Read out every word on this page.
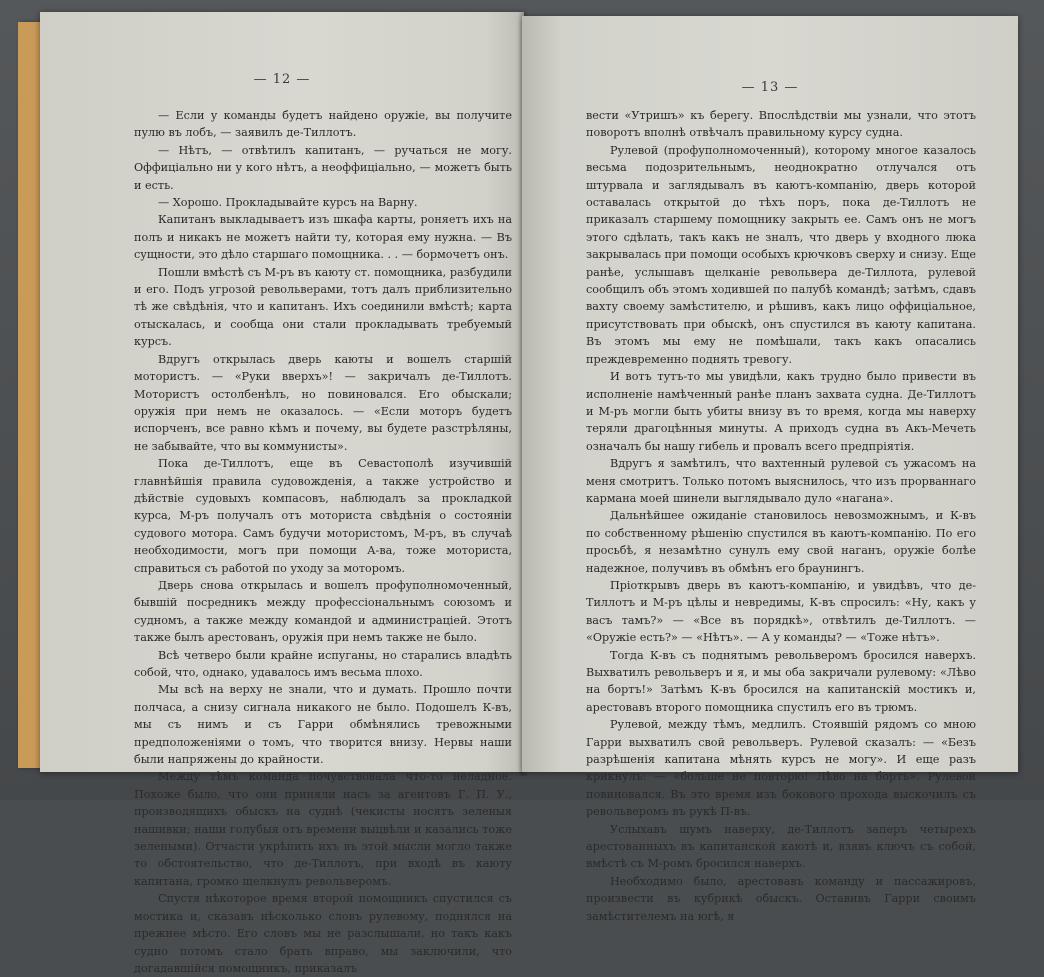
— 12 —

— Если у команды будетъ найдено оружіе, вы получите пулю въ лобъ, — заявилъ де-Тиллотъ.

— Нѣтъ, — отвѣтилъ капитанъ, — ручаться не могу. Оффиціально ни у кого нѣтъ, а неоффиціально, — можетъ быть и есть.

— Хорошо. Прокладывайте курсъ на Варну.

Капитанъ выкладываетъ изъ шкафа карты, роняетъ ихъ на полъ и никакъ не можетъ найти ту, которая ему нужна. — Въ сущности, это дѣло старшаго помощника. . . — бормочетъ онъ.

Пошли вмѣстѣ съ М-ръ въ каюту ст. помощника, разбудили и его. Подъ угрозой револьверами, тотъ далъ приблизительно тѣ же свѣдѣнія, что и капитанъ. Ихъ соединили вмѣстѣ; карта отыскалась, и сообща они стали прокладывать требуемый курсъ.

Вдругъ открылась дверь каюты и вошелъ старшій мотористъ. — «Руки вверхъ»! — закричалъ де-Тиллотъ. Мотористъ остолбенѣлъ, но повиновался. Его обыскали; оружія при немъ не оказалось. — «Если моторъ будетъ испорченъ, все равно кѣмъ и почему, вы будете разстрѣляны, не забывайте, что вы коммунисты».

Пока де-Тиллотъ, еще въ Севастополѣ изучившій главнѣйшія правила судовожденія, а также устройство и дѣйствіе судовыхъ компасовъ, наблюдалъ за прокладкой курса, М-ръ получалъ отъ моториста свѣдѣнія о состояніи судового мотора. Самъ будучи мотористомъ, М-ръ, въ случаѣ необходимости, могъ при помощи А-ва, тоже моториста, справиться съ работой по уходу за моторомъ.

Дверь снова открылась и вошелъ профуполномоченный, бывшій посредникъ между профессіональнымъ союзомъ и судномъ, а также между командой и администраціей. Этотъ также былъ арестованъ, оружія при немъ также не было.

Всѣ четверо были крайне испуганы, но старались владѣть собой, что, однако, удавалось имъ весьма плохо.

Мы всѣ на верху не знали, что и думать. Прошло почти полчаса, а снизу сигнала никакого не было. Подошелъ К-въ, мы съ нимъ и съ Гарри обмѣнялись тревожными предположеніями о томъ, что творится внизу. Нервы наши были напряжены до крайности.

Между тѣмъ команда почувствовала что-то неладное. Похоже было, что они приняли насъ за агентовъ Г. П. У., производящихъ обыскъ на суднѣ (чекисты носятъ зеленыя нашивки; наши голубыя отъ времени выцвѣли и казались тоже зелеными). Отчасти укрѣпить ихъ въ этой мысли могло также то обстоятельство, что де-Тиллотъ, при входѣ въ каюту капитана, громко щелкнулъ револьверомъ.

Спустя нѣкоторое время второй помощникъ спустился съ мостика и, сказавъ нѣсколько словъ рулевому, поднялся на прежнее мѣсто. Его словъ мы не разслышали, но такъ какъ судно потомъ стало брать вправо, мы заключили, что догадавшійся помощникъ, приказалъ

— 13 —

вести «Утришъ» къ берегу. Впослѣдствіи мы узнали, что этотъ поворотъ вполнѣ отвѣчалъ правильному курсу судна.

Рулевой (профуполномоченный), которому многое казалось весьма подозрительнымъ, неоднократно отлучался отъ штурвала и заглядывалъ въ каютъ-компанію, дверь которой оставалась открытой до тѣхъ поръ, пока де-Тиллотъ не приказалъ старшему помощнику закрыть ее. Самъ онъ не могъ этого сдѣлать, такъ какъ не зналъ, что дверь у входного люка закрывалась при помощи особыхъ крючковъ сверху и снизу. Еще ранѣе, услышавъ щелканіе револьвера де-Тиллота, рулевой сообщилъ объ этомъ ходившей по палубѣ командѣ; затѣмъ, сдавъ вахту своему замѣстителю, и рѣшивъ, какъ лицо оффиціальное, присутствовать при обыскѣ, онъ спустился въ каюту капитана. Въ этомъ мы ему не помѣшали, такъ какъ опасались преждевременно поднять тревогу.

И вотъ тутъ-то мы увидѣли, какъ трудно было привести въ исполненіе намѣченный ранѣе планъ захвата судна. Де-Тиллотъ и М-ръ могли быть убиты внизу въ то время, когда мы наверху теряли драгоцѣнныя минуты. А приходъ судна въ Акъ-Мечеть означалъ бы нашу гибель и провалъ всего предпріятія.

Вдругъ я замѣтилъ, что вахтенный рулевой съ ужасомъ на меня смотритъ. Только потомъ выяснилось, что изъ прорваннаго кармана моей шинели выглядывало дуло «нагана».

Дальнѣйшее ожиданіе становилось невозможнымъ, и К-въ по собственному рѣшенію спустился въ каютъ-компанію. По его просьбѣ, я незамѣтно сунулъ ему свой наганъ, оружіе болѣе надежное, получивъ въ обмѣнъ его браунингъ.

Пріоткрывъ дверь въ каютъ-компанію, и увидѣвъ, что де-Тиллотъ и М-ръ цѣлы и невредимы, К-въ спросилъ: «Ну, какъ у васъ тамъ?» — «Все въ порядкѣ», отвѣтилъ де-Тиллотъ. — «Оружіе есть?» — «Нѣтъ». — А у команды? — «Тоже нѣтъ».

Тогда К-въ съ поднятымъ револьверомъ бросился наверхъ. Выхватилъ револьверъ и я, и мы оба закричали рулевому: «Лѣво на бортъ!» Затѣмъ К-въ бросился на капитанскій мостикъ и, арестовавъ второго помощника спустилъ его въ трюмъ.

Рулевой, между тѣмъ, медлилъ. Стоявшій рядомъ со мною Гарри выхватилъ свой револьверъ. Рулевой сказалъ: — «Безъ разрѣшенія капитана мѣнять курсъ не могу». И еще разъ крикнулъ: — «больше не повторю! Лѣво на бортъ». Рулевой повиновался. Въ это время изъ бокового прохода выскочилъ съ револьверомъ въ рукѣ П-въ.

Услыхавъ шумъ наверху, де-Тиллотъ заперъ четырехъ арестованныхъ въ капитанской каютѣ и, взявъ ключъ съ собой, вмѣстѣ съ М-ромъ бросился наверхъ.

Необходимо было, арестовавъ команду и пассажировъ, произвести въ кубрикѣ обыскъ. Оставивъ Гарри своимъ замѣстителемъ на югѣ, я
